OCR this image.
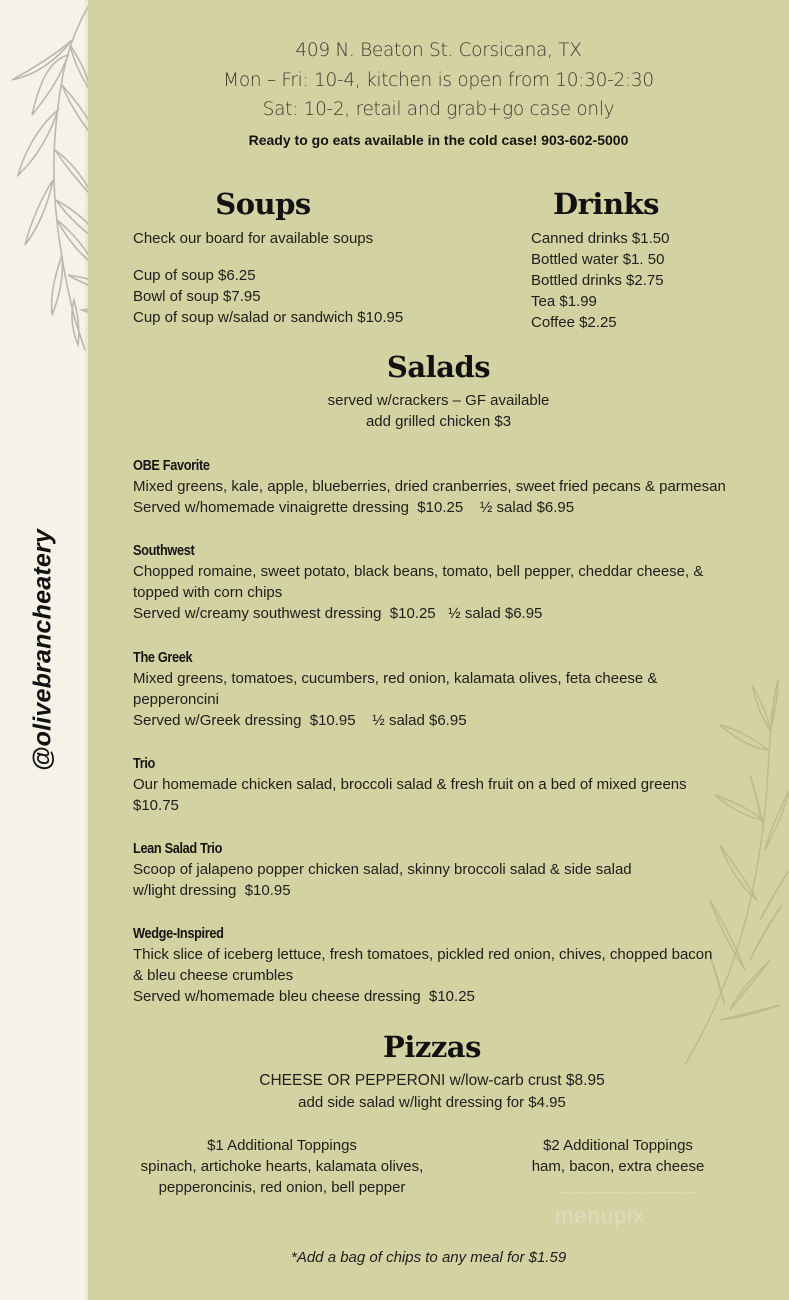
@olivebrancheatery
409 N. Beaton St. Corsicana, TX
Mon – Fri: 10-4, kitchen is open from 10:30-2:30
Sat: 10-2, retail and grab+go case only
Ready to go eats available in the cold case! 903-602-5000
Soups
Check our board for available soups
Cup of soup $6.25
Bowl of soup $7.95
Cup of soup w/salad or sandwich $10.95
Drinks
Canned drinks $1.50
Bottled water $1. 50
Bottled drinks $2.75
Tea $1.99
Coffee $2.25
Salads
served w/crackers – GF available
add grilled chicken $3
OBE Favorite
Mixed greens, kale, apple, blueberries, dried cranberries, sweet fried pecans & parmesan
Served w/homemade vinaigrette dressing  $10.25    ½ salad $6.95
Southwest
Chopped romaine, sweet potato, black beans, tomato, bell pepper, cheddar cheese, &
topped with corn chips
Served w/creamy southwest dressing  $10.25   ½ salad $6.95
The Greek
Mixed greens, tomatoes, cucumbers, red onion, kalamata olives, feta cheese &
pepperoncini
Served w/Greek dressing  $10.95    ½ salad $6.95
Trio
Our homemade chicken salad, broccoli salad & fresh fruit on a bed of mixed greens
$10.75
Lean Salad Trio
Scoop of jalapeno popper chicken salad, skinny broccoli salad & side salad
w/light dressing  $10.95
Wedge-Inspired
Thick slice of iceberg lettuce, fresh tomatoes, pickled red onion, chives, chopped bacon
& bleu cheese crumbles
Served w/homemade bleu cheese dressing  $10.25
Pizzas
CHEESE OR PEPPERONI w/low-carb crust $8.95
add side salad w/light dressing for $4.95
$1 Additional Toppings
spinach, artichoke hearts, kalamata olives,
pepperoncinis, red onion, bell pepper
$2 Additional Toppings
ham, bacon, extra cheese
menupix
*Add a bag of chips to any meal for $1.59
